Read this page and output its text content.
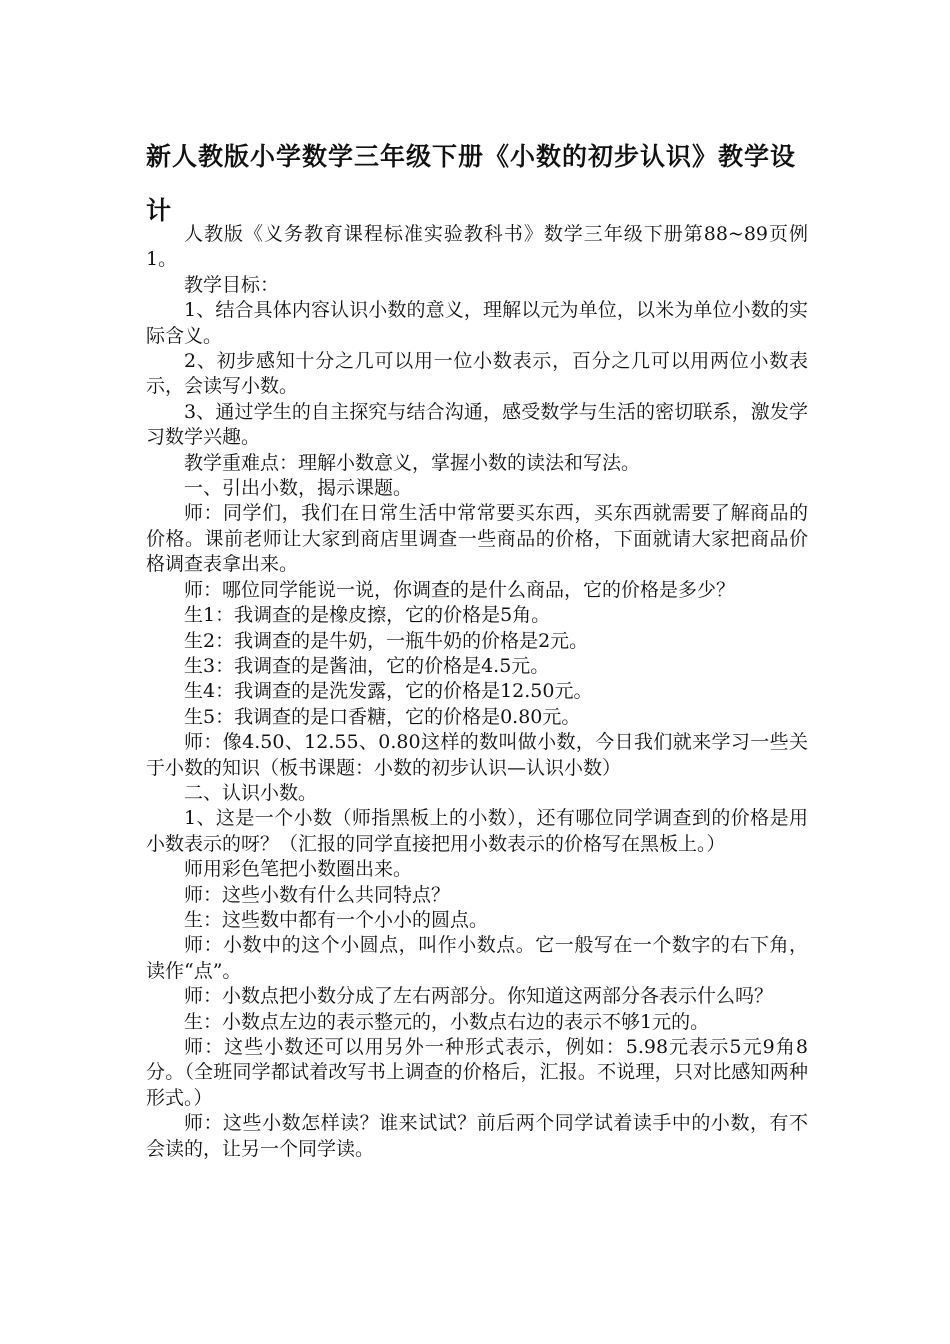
新人教版小学数学三年级下册《小数的初步认识》教学设计

人教版《义务教育课程标准实验教科书》数学三年级下册第88~89页例1。

教学目标：

1、结合具体内容认识小数的意义，理解以元为单位，以米为单位小数的实际含义。

2、初步感知十分之几可以用一位小数表示，百分之几可以用两位小数表示，会读写小数。

3、通过学生的自主探究与结合沟通，感受数学与生活的密切联系，激发学习数学兴趣。

教学重难点：理解小数意义，掌握小数的读法和写法。

一、引出小数，揭示课题。

师：同学们，我们在日常生活中常常要买东西，买东西就需要了解商品的价格。课前老师让大家到商店里调查一些商品的价格，下面就请大家把商品价格调查表拿出来。

师：哪位同学能说一说，你调查的是什么商品，它的价格是多少？

生1：我调查的是橡皮擦，它的价格是5角。

生2：我调查的是牛奶，一瓶牛奶的价格是2元。

生3：我调查的是酱油，它的价格是4.5元。

生4：我调查的是洗发露，它的价格是12.50元。

生5：我调查的是口香糖，它的价格是0.80元。

师：像4.50、12.55、0.80这样的数叫做小数，今日我们就来学习一些关于小数的知识（板书课题：小数的初步认识—认识小数）

二、认识小数。

1、这是一个小数（师指黑板上的小数），还有哪位同学调查到的价格是用小数表示的呀？（汇报的同学直接把用小数表示的价格写在黑板上。）

师用彩色笔把小数圈出来。

师：这些小数有什么共同特点？

生：这些数中都有一个小小的圆点。

师：小数中的这个小圆点，叫作小数点。它一般写在一个数字的右下角，读作“点”。

师：小数点把小数分成了左右两部分。你知道这两部分各表示什么吗？

生：小数点左边的表示整元的，小数点右边的表示不够1元的。

师：这些小数还可以用另外一种形式表示，例如：5.98元表示5元9角8分。（全班同学都试着改写书上调查的价格后，汇报。不说理，只对比感知两种形式。）

师：这些小数怎样读？谁来试试？前后两个同学试着读手中的小数，有不会读的，让另一个同学读。
